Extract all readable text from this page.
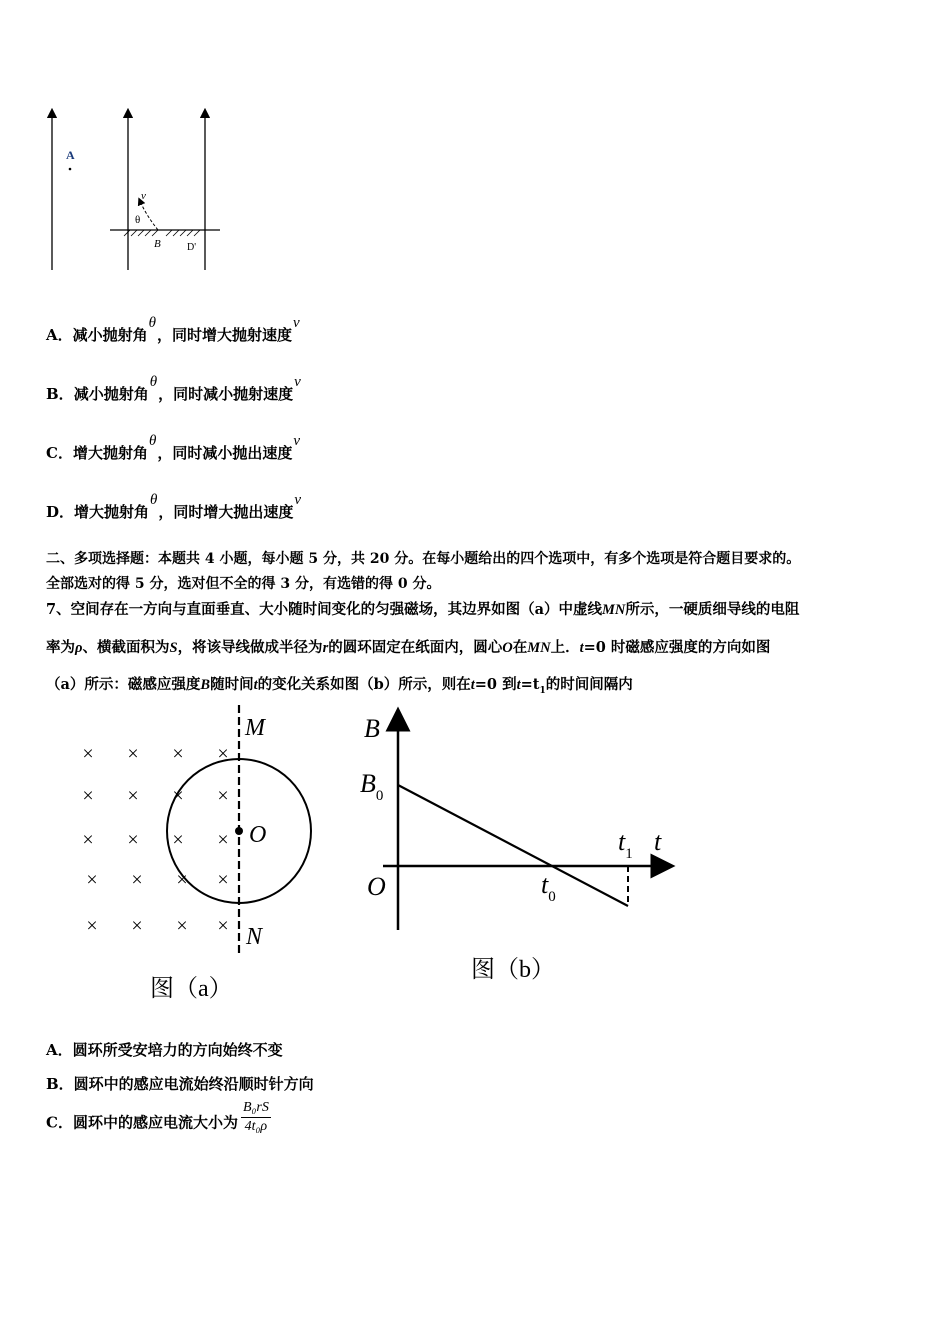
A
v
θ
B	D'
A．减小抛射角θ，同时增大抛射速度v
B．减小抛射角θ，同时减小抛射速度v
C．增大抛射角θ，同时减小抛出速度v
D．增大抛射角θ，同时增大抛出速度v
二、多项选择题：本题共 4 小题，每小题 5 分，共 20 分。在每小题给出的四个选项中，有多个选项是符合题目要求的。
全部选对的得 5 分，选对但不全的得 3 分，有选错的得 0 分。
7、空间存在一方向与直面垂直、大小随时间变化的匀强磁场，其边界如图（a）中虚线MN所示，一硬质细导线的电阻
率为ρ、横截面积为S，将该导线做成半径为r的圆环固定在纸面内，圆心O在MN上．t=0 时磁感应强度的方向如图
（a）所示：磁感应强度B随时间t的变化关系如图（b）所示，则在t=0 到$t=t_1$的时间间隔内
× × × ×
× × × ×
× × × ×
× × × ×
× × × ×
M
O
N
图（a）
B
t
O
$B_0$
$t_0$
$t_1$
图（b）
A．圆环所受安培力的方向始终不变
B．圆环中的感应电流始终沿顺时针方向
C．圆环中的感应电流大小为 $\frac{\text{B₀rS}}{\text{4t₀ρ}}$
